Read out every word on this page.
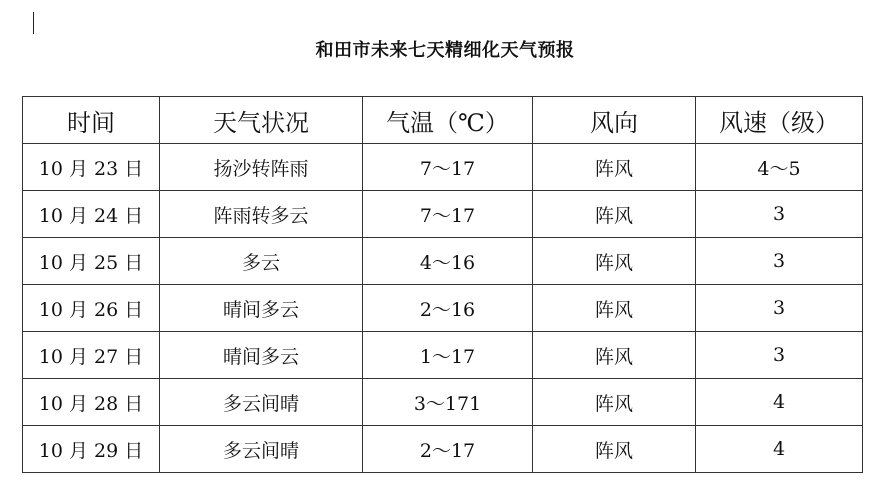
和田市未来七天精细化天气预报
时间	天气状况	气温（℃）	风向	风速（级）
10 月 23 日	扬沙转阵雨	7～17	阵风	4～5
10 月 24 日	阵雨转多云	7～17	阵风	3
10 月 25 日	多云	4～16	阵风	3
10 月 26 日	晴间多云	2～16	阵风	3
10 月 27 日	晴间多云	1～17	阵风	3
10 月 28 日	多云间晴	3～171	阵风	4
10 月 29 日	多云间晴	2～17	阵风	4
